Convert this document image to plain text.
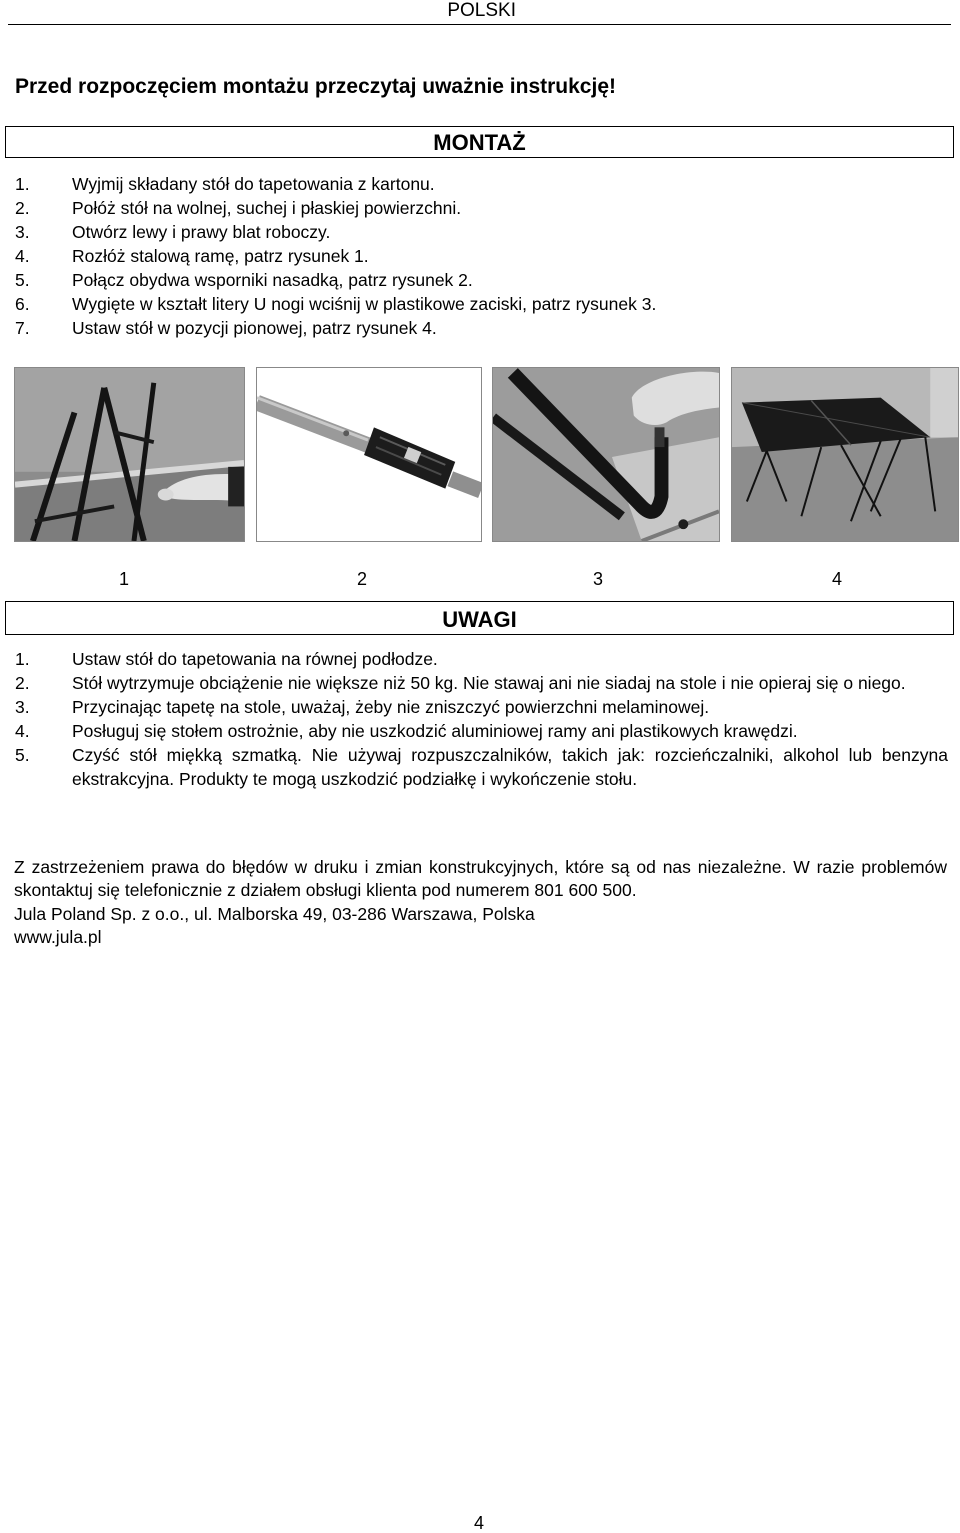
POLSKI
Przed rozpoczęciem montażu przeczytaj uważnie instrukcję!
MONTAŻ
1. Wyjmij składany stół do tapetowania z kartonu.
2. Połóż stół na wolnej, suchej i płaskiej powierzchni.
3. Otwórz lewy i prawy blat roboczy.
4. Rozłóż stalową ramę, patrz rysunek 1.
5. Połącz obydwa wsporniki nasadką, patrz rysunek 2.
6. Wygięte w kształt litery U nogi wciśnij w plastikowe zaciski, patrz rysunek 3.
7. Ustaw stół w pozycji pionowej, patrz rysunek 4.
1	2	3	4
UWAGI
1. Ustaw stół do tapetowania na równej podłodze.
2. Stół wytrzymuje obciążenie nie większe niż 50 kg. Nie stawaj ani nie siadaj na stole i nie opieraj się o niego.
3. Przycinając tapetę na stole, uważaj, żeby nie zniszczyć powierzchni melaminowej.
4. Posługuj się stołem ostrożnie, aby nie uszkodzić aluminiowej ramy ani plastikowych krawędzi.
5. Czyść stół miękką szmatką. Nie używaj rozpuszczalników, takich jak: rozcieńczalniki, alkohol lub benzyna ekstrakcyjna. Produkty te mogą uszkodzić podziałkę i wykończenie stołu.

Z zastrzeżeniem prawa do błędów w druku i zmian konstrukcyjnych, które są od nas niezależne. W razie problemów skontaktuj się telefonicznie z działem obsługi klienta pod numerem 801 600 500.

Jula Poland Sp. z o.o., ul. Malborska 49, 03-286 Warszawa, Polska

www.jula.pl

4
